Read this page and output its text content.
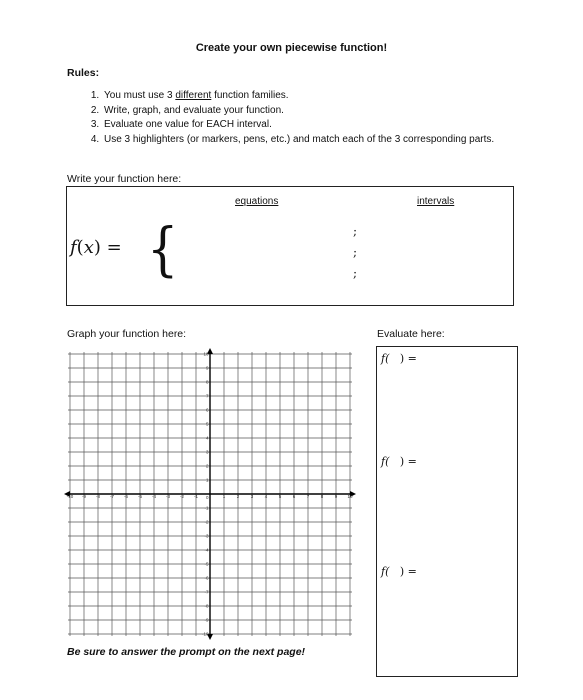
Create your own piecewise function!
Rules:
1. You must use 3 different function families.
2. Write, graph, and evaluate your function.
3. Evaluate one value for EACH interval.
4. Use 3 highlighters (or markers, pens, etc.) and match each of the 3 corresponding parts.
Write your function here:
equations	intervals
f(x) = {	;
;
;
Graph your function here:
-10 -9 -8 -7 -6 -5 -4 -3 -2 -1	1	2	3	4	5	6	7	8	9 10
10
9
8
7
6
5
4
3
2
1
-1
-2
-3
-4
-5
-6
-7
-8
-9
-10
0
Evaluate here:
f(   ) =
f(   ) =
f(   ) =
Be sure to answer the prompt on the next page!
